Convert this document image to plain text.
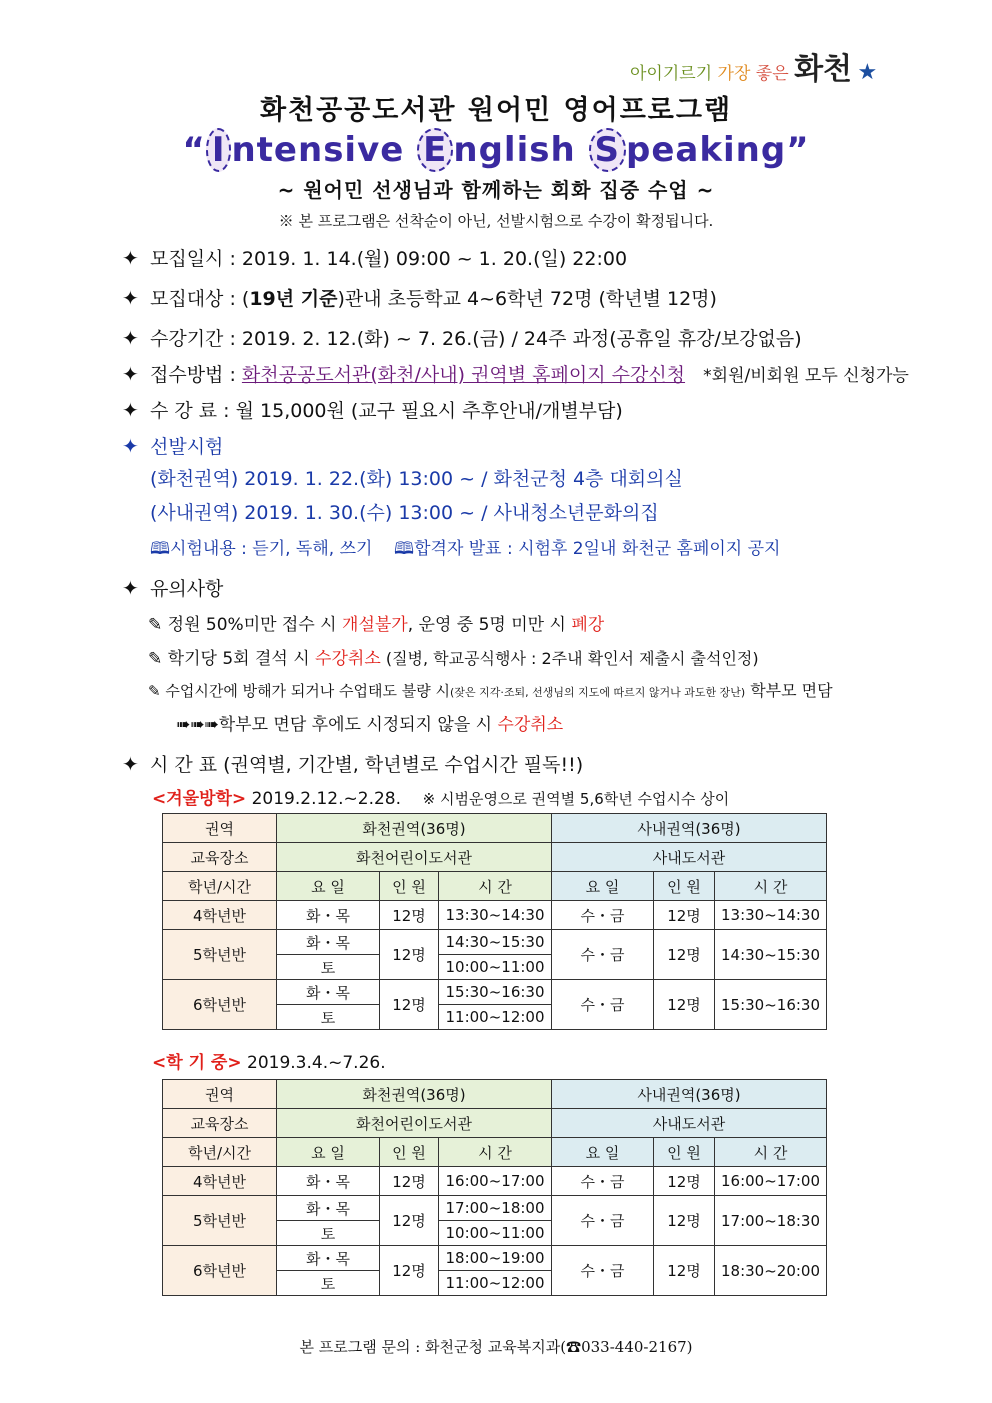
아이기르기 가장 좋은 화천 ★
화천공공도서관 원어민 영어프로그램
“ I ntensive E nglish S peaking”
~ 원어민 선생님과 함께하는 회화 집중 수업 ~
※ 본 프로그램은 선착순이 아닌, 선발시험으로 수강이 확정됩니다.
✦ 모집일시 : 2019. 1. 14.(월) 09:00 ~ 1. 20.(일) 22:00
✦ 모집대상 : (19년 기준)관내 초등학교 4~6학년 72명 (학년별 12명)
✦ 수강기간 : 2019. 2. 12.(화) ~ 7. 26.(금) / 24주 과정(공휴일 휴강/보강없음)
✦ 접수방법 : 화천공공도서관(화천/사내) 권역별 홈페이지 수강신청 *회원/비회원 모두 신청가능
✦ 수 강 료 : 월 15,000원 (교구 필요시 추후안내/개별부담)
✦ 선발시험
(화천권역) 2019. 1. 22.(화) 13:00 ~ / 화천군청 4층 대회의실
(사내권역) 2019. 1. 30.(수) 13:00 ~ / 사내청소년문화의집
🕮시험내용 : 듣기, 독해, 쓰기 🕮합격자 발표 : 시험후 2일내 화천군 홈페이지 공지
✦ 유의사항
✎ 정원 50%미만 접수 시 개설불가, 운영 중 5명 미만 시 폐강
✎ 학기당 5회 결석 시 수강취소 (질병, 학교공식행사 : 2주내 확인서 제출시 출석인정)
✎ 수업시간에 방해가 되거나 수업태도 불량 시(잦은 지각·조퇴, 선생님의 지도에 따르지 않거나 과도한 장난) 학부모 면담
➠➠➠학부모 면담 후에도 시정되지 않을 시 수강취소
✦ 시 간 표 (권역별, 기간별, 학년별로 수업시간 필독!!)
<겨울방학> 2019.2.12.~2.28. ※ 시범운영으로 권역별 5,6학년 수업시수 상이
권역	화천권역(36명)			사내권역(36명)		
교육장소	화천어린이도서관			사내도서관		
학년/시간	요 일	인 원	시 간	요 일	인 원	시 간
4학년반	화・목	12명	13:30~14:30	수・금	12명	13:30~14:30
5학년반	화・목	12명	14:30~15:30	수・금	12명	14:30~15:30
	토		10:00~11:00			
6학년반	화・목	12명	15:30~16:30	수・금	12명	15:30~16:30
	토		11:00~12:00			
<학 기 중> 2019.3.4.~7.26.
권역	화천권역(36명)			사내권역(36명)		
교육장소	화천어린이도서관			사내도서관		
학년/시간	요 일	인 원	시 간	요 일	인 원	시 간
4학년반	화・목	12명	16:00~17:00	수・금	12명	16:00~17:00
5학년반	화・목	12명	17:00~18:00	수・금	12명	17:00~18:30
	토		10:00~11:00			
6학년반	화・목	12명	18:00~19:00	수・금	12명	18:30~20:00
	토		11:00~12:00			
본 프로그램 문의 : 화천군청 교육복지과(☎033-440-2167)
